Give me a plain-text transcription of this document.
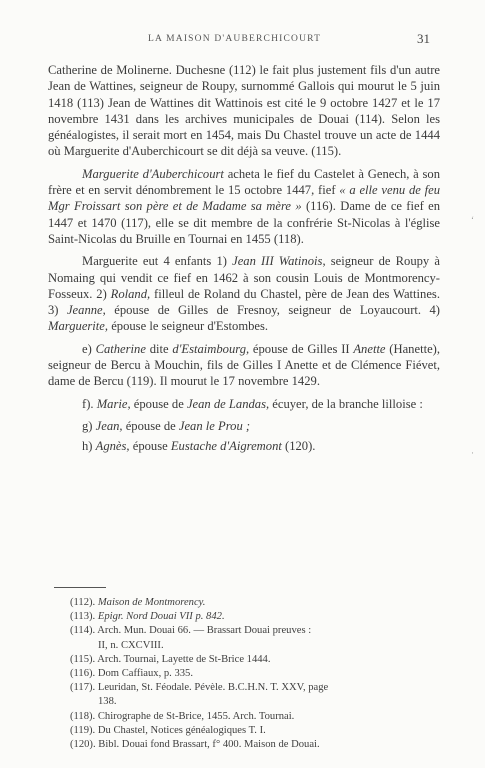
LA MAISON D'AUBERCHICOURT	31

Catherine de Molinerne. Duchesne (112) le fait plus justement fils d'un autre Jean de Wattines, seigneur de Roupy, surnommé Gallois qui mourut le 5 juin 1418 (113) Jean de Wattines dit Wattinois est cité le 9 octobre 1427 et le 17 novembre 1431 dans les archives municipales de Douai (114). Selon les généalogistes, il serait mort en 1454, mais Du Chastel trouve un acte de 1444 où Marguerite d'Auberchicourt se dit déjà sa veuve. (115).

Marguerite d'Auberchicourt acheta le fief du Castelet à Genech, à son frère et en servit dénombrement le 15 octobre 1447, fief « a elle venu de feu Mgr Froissart son père et de Madame sa mère » (116). Dame de ce fief en 1447 et 1470 (117), elle se dit membre de la confrérie St-Nicolas à l'église Saint-Nicolas du Bruille en Tournai en 1455 (118).

Marguerite eut 4 enfants 1) Jean III Watinois, seigneur de Roupy à Nomaing qui vendit ce fief en 1462 à son cousin Louis de Montmorency-Fosseux. 2) Roland, filleul de Roland du Chastel, père de Jean des Wattines. 3) Jeanne, épouse de Gilles de Fresnoy, seigneur de Loyaucourt. 4) Marguerite, épouse le seigneur d'Estombes.

e) Catherine dite d'Estaimbourg, épouse de Gilles II Anette (Hanette), seigneur de Bercu à Mouchin, fils de Gilles I Anette et de Clémence Fiévet, dame de Bercu (119). Il mourut le 17 novembre 1429.

f). Marie, épouse de Jean de Landas, écuyer, de la branche lilloise :

g) Jean, épouse de Jean le Prou ;

h) Agnès, épouse Eustache d'Aigremont (120).

(112). Maison de Montmorency.
(113). Epigr. Nord Douai VII p. 842.
(114). Arch. Mun. Douai 66. — Brassart Douai preuves :
II, n. CXCVIII.
(115). Arch. Tournai, Layette de St-Brice 1444.
(116). Dom Caffiaux, p. 335.
(117). Leuridan, St. Féodale. Pévèle. B.C.H.N. T. XXV, page
138.
(118). Chirographe de St-Brice, 1455. Arch. Tournai.
(119). Du Chastel, Notices généalogiques T. I.
(120). Bibl. Douai fond Brassart, f° 400. Maison de Douai.
‘
·
